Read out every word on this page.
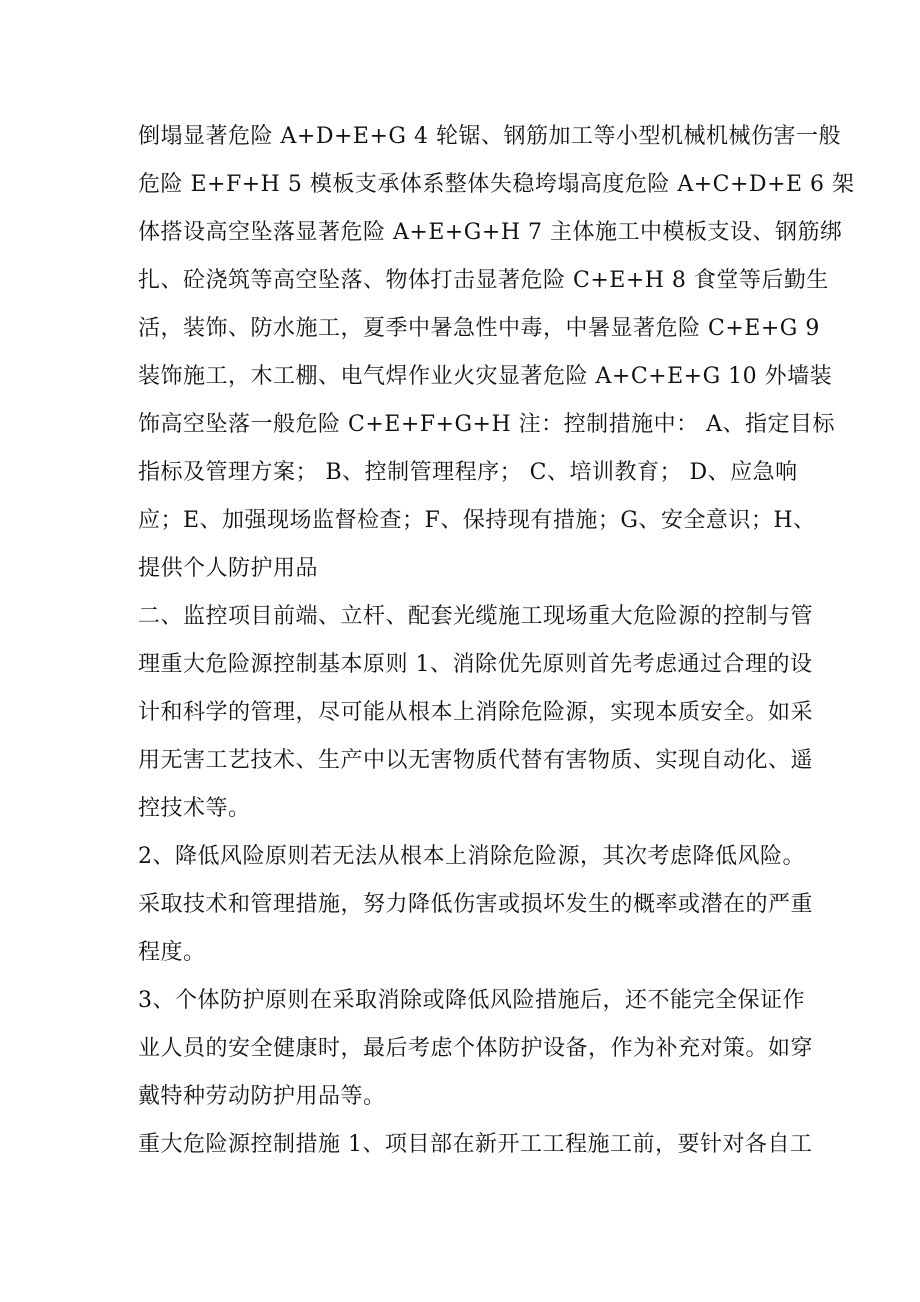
倒塌显著危险 A+D+E+G 4 轮锯、钢筋加工等小型机械机械伤害一般
危险 E+F+H 5 模板支承体系整体失稳垮塌高度危险 A+C+D+E 6 架
体搭设高空坠落显著危险 A+E+G+H 7 主体施工中模板支设、钢筋绑
扎、砼浇筑等高空坠落、物体打击显著危险 C+E+H 8 食堂等后勤生
活，装饰、防水施工，夏季中暑急性中毒，中暑显著危险 C+E+G 9
装饰施工，木工棚、电气焊作业火灾显著危险 A+C+E+G 10 外墙装
饰高空坠落一般危险 C+E+F+G+H 注：控制措施中： A、指定目标
指标及管理方案； B、控制管理程序； C、培训教育； D、应急响
应；E、加强现场监督检查；F、保持现有措施；G、安全意识；H、
提供个人防护用品
二、监控项目前端、立杆、配套光缆施工现场重大危险源的控制与管
理重大危险源控制基本原则 1、消除优先原则首先考虑通过合理的设
计和科学的管理，尽可能从根本上消除危险源，实现本质安全。如采
用无害工艺技术、生产中以无害物质代替有害物质、实现自动化、遥
控技术等。
2、降低风险原则若无法从根本上消除危险源，其次考虑降低风险。
采取技术和管理措施，努力降低伤害或损坏发生的概率或潜在的严重
程度。
3、个体防护原则在采取消除或降低风险措施后，还不能完全保证作
业人员的安全健康时，最后考虑个体防护设备，作为补充对策。如穿
戴特种劳动防护用品等。
重大危险源控制措施 1、项目部在新开工工程施工前，要针对各自工
